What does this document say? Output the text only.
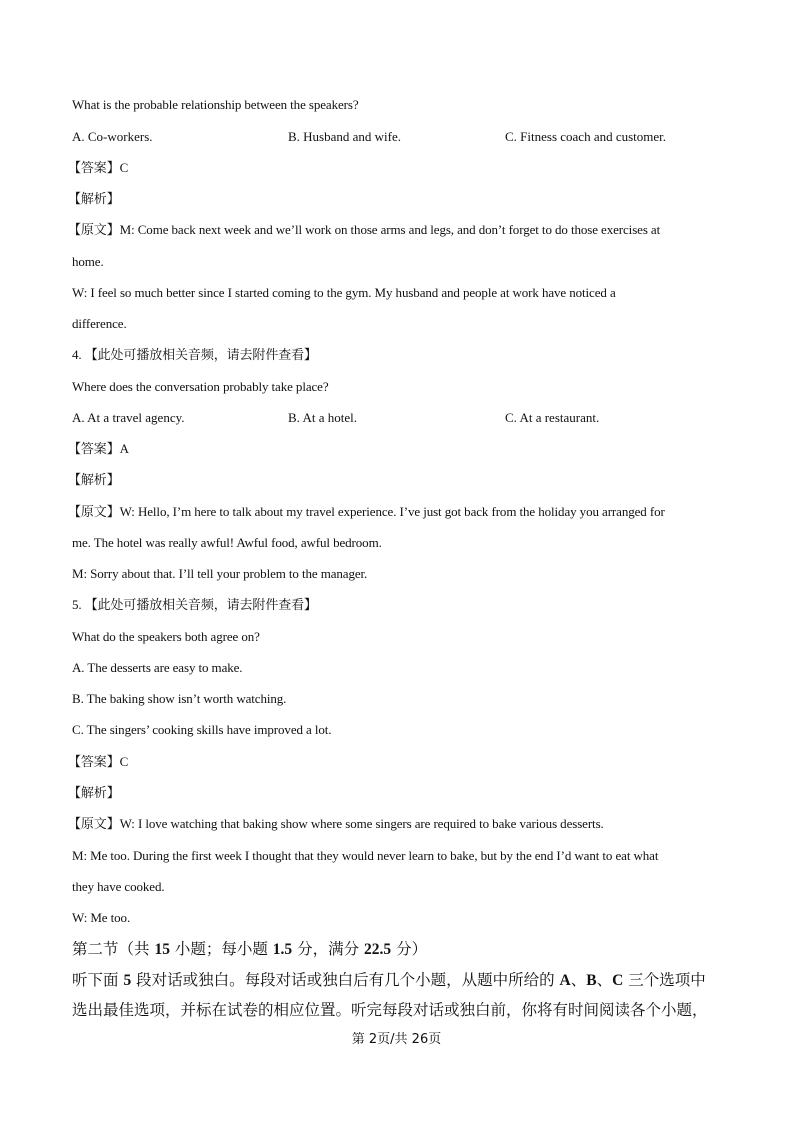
What is the probable relationship between the speakers?
A. Co-workers.	B. Husband and wife.	C. Fitness coach and customer.
【答案】C
【解析】
【原文】M: Come back next week and we’ll work on those arms and legs, and don’t forget to do those exercises at
home.
W: I feel so much better since I started coming to the gym. My husband and people at work have noticed a
difference.
4. 【此处可播放相关音频，请去附件查看】
Where does the conversation probably take place?
A. At a travel agency.	B. At a hotel.	C. At a restaurant.
【答案】A
【解析】
【原文】W: Hello, I’m here to talk about my travel experience. I’ve just got back from the holiday you arranged for
me. The hotel was really awful! Awful food, awful bedroom.
M: Sorry about that. I’ll tell your problem to the manager.
5. 【此处可播放相关音频，请去附件查看】
What do the speakers both agree on?
A. The desserts are easy to make.
B. The baking show isn’t worth watching.
C. The singers’ cooking skills have improved a lot.
【答案】C
【解析】
【原文】W: I love watching that baking show where some singers are required to bake various desserts.
M: Me too. During the first week I thought that they would never learn to bake, but by the end I’d want to eat what
they have cooked.
W: Me too.
第二节（共 15 小题；每小题 1.5 分，满分 22.5 分）
听下面 5 段对话或独白。每段对话或独白后有几个小题，从题中所给的 A、B、C 三个选项中
选出最佳选项，并标在试卷的相应位置。听完每段对话或独白前，你将有时间阅读各个小题，
第 2页/共 26页
